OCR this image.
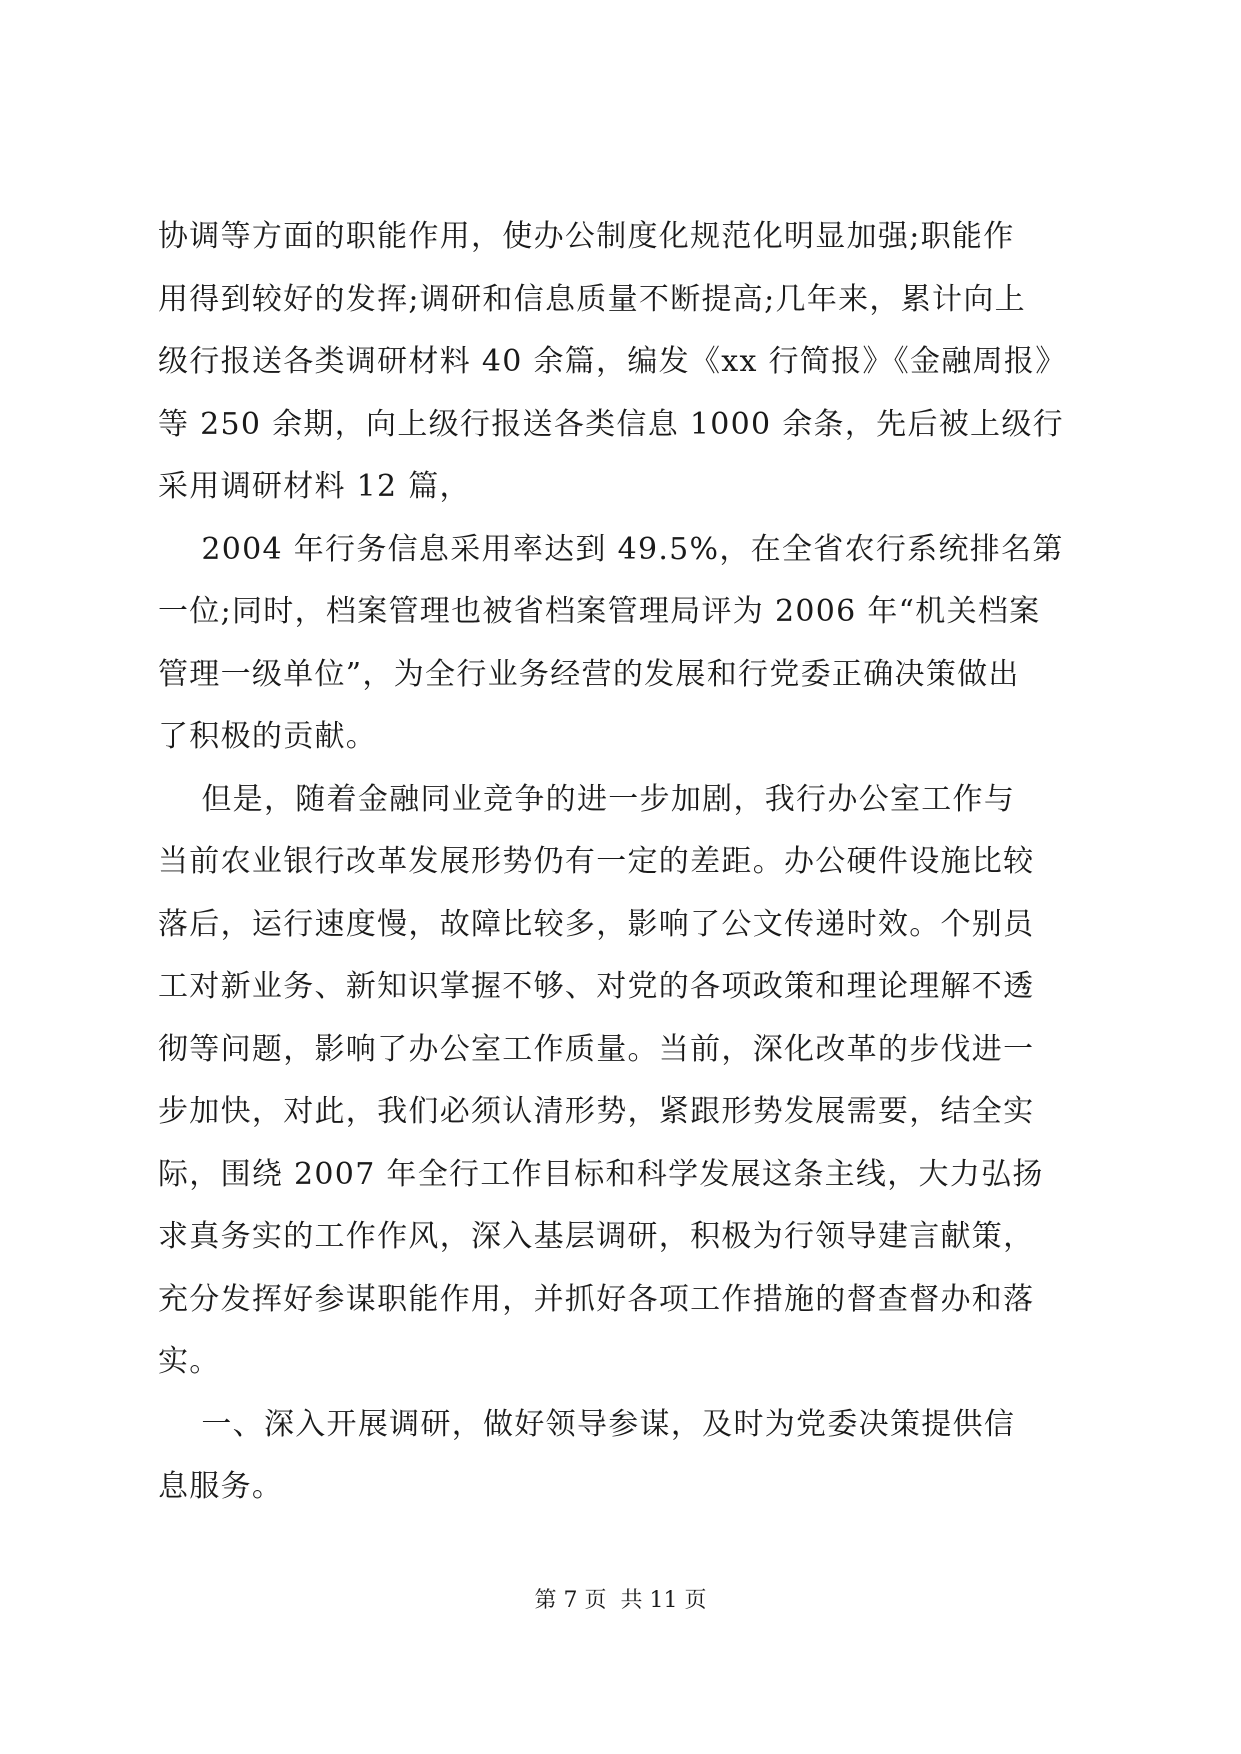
协调等方面的职能作用，使办公制度化规范化明显加强;职能作
用得到较好的发挥;调研和信息质量不断提高;几年来，累计向上
级行报送各类调研材料 40 余篇，编发《xx 行简报》《金融周报》
等 250 余期，向上级行报送各类信息 1000 余条，先后被上级行
采用调研材料 12 篇，
2004 年行务信息采用率达到 49.5%，在全省农行系统排名第
一位;同时，档案管理也被省档案管理局评为 2006 年“机关档案
管理一级单位”，为全行业务经营的发展和行党委正确决策做出
了积极的贡献。
但是，随着金融同业竞争的进一步加剧，我行办公室工作与
当前农业银行改革发展形势仍有一定的差距。办公硬件设施比较
落后，运行速度慢，故障比较多，影响了公文传递时效。个别员
工对新业务、新知识掌握不够、对党的各项政策和理论理解不透
彻等问题，影响了办公室工作质量。当前，深化改革的步伐进一
步加快，对此，我们必须认清形势，紧跟形势发展需要，结全实
际，围绕 2007 年全行工作目标和科学发展这条主线，大力弘扬
求真务实的工作作风，深入基层调研，积极为行领导建言献策，
充分发挥好参谋职能作用，并抓好各项工作措施的督查督办和落
实。
一、深入开展调研，做好领导参谋，及时为党委决策提供信
息服务。
第 7 页  共 11 页
